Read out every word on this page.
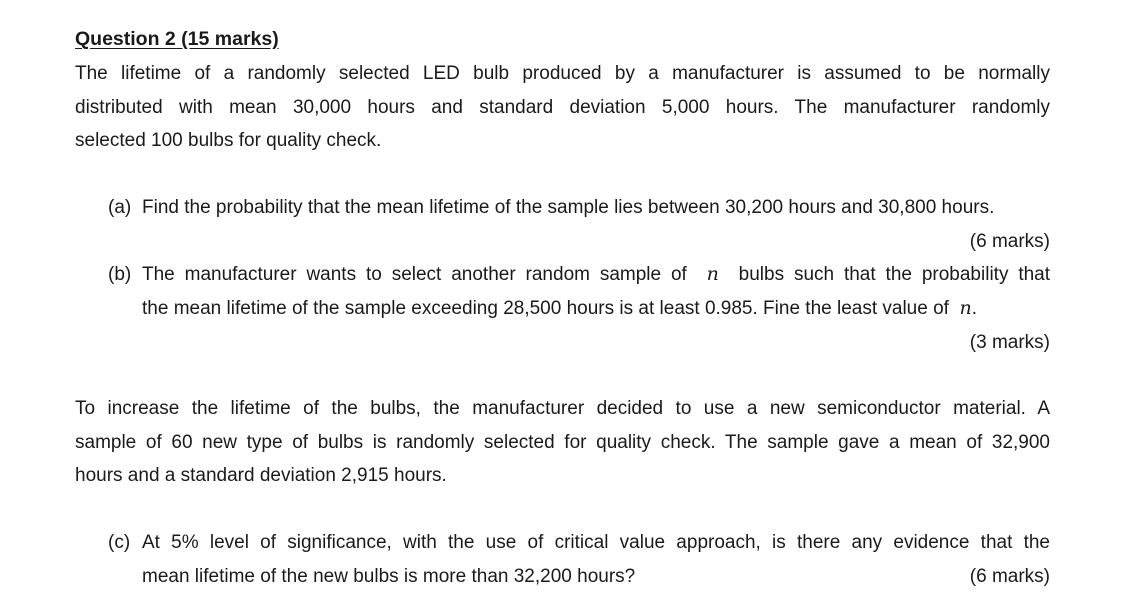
Question 2 (15 marks)
The lifetime of a randomly selected LED bulb produced by a manufacturer is assumed to be normally
distributed with mean 30,000 hours and standard deviation 5,000 hours. The manufacturer randomly
selected 100 bulbs for quality check.
(a) Find the probability that the mean lifetime of the sample lies between 30,200 hours and 30,800 hours.
(6 marks)
(b) The manufacturer wants to select another random sample of n bulbs such that the probability that
the mean lifetime of the sample exceeding 28,500 hours is at least 0.985. Fine the least value of n.
(3 marks)
To increase the lifetime of the bulbs, the manufacturer decided to use a new semiconductor material. A
sample of 60 new type of bulbs is randomly selected for quality check. The sample gave a mean of 32,900
hours and a standard deviation 2,915 hours.
(c) At 5% level of significance, with the use of critical value approach, is there any evidence that the
mean lifetime of the new bulbs is more than 32,200 hours?	(6 marks)
